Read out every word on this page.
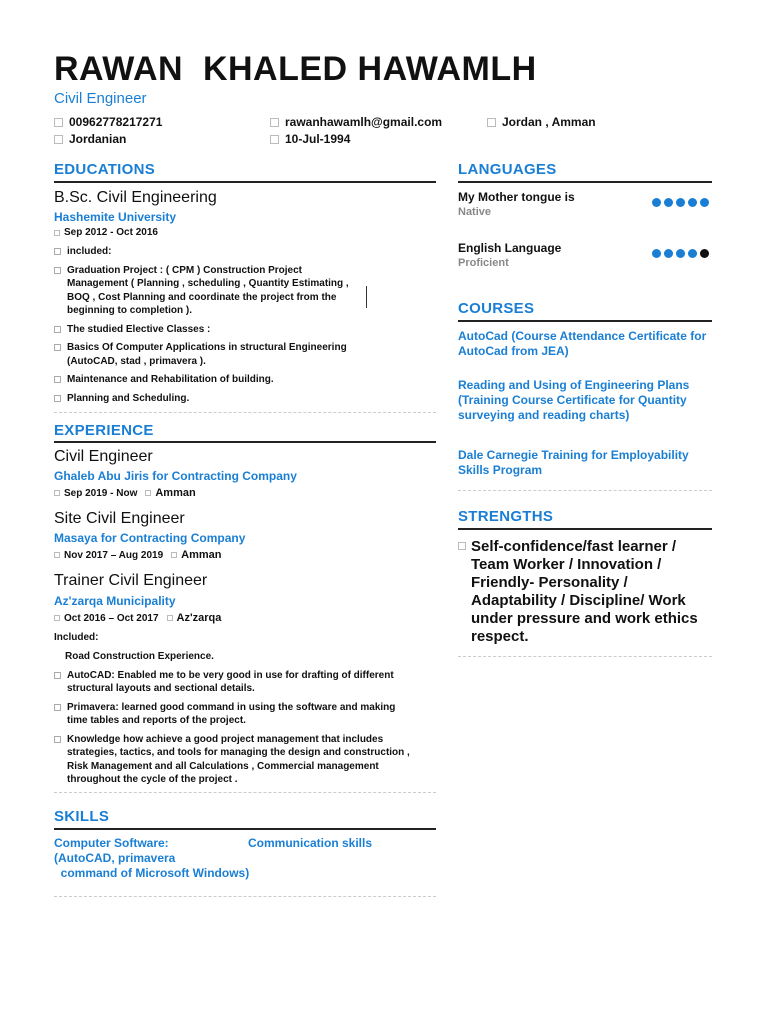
RAWAN  KHALED HAWAMLH
Civil Engineer
00962778217271	rawanhawamlh@gmail.com	Jordan , Amman
Jordanian	10-Jul-1994
EDUCATIONS
B.Sc. Civil Engineering
Hashemite University
Sep 2012 - Oct 2016
included:
Graduation Project : ( CPM ) Construction Project Management ( Planning , scheduling , Quantity Estimating , BOQ , Cost Planning and coordinate the project from the beginning to completion ).
The studied Elective Classes :
Basics Of Computer Applications in structural Engineering (AutoCAD, stad , primavera ).
Maintenance and Rehabilitation of building.
Planning and Scheduling.
EXPERIENCE
Civil Engineer
Ghaleb Abu Jiris for Contracting Company
Sep 2019 - Now Amman
Site Civil Engineer
Masaya for Contracting Company
Nov 2017 – Aug 2019 Amman
Trainer Civil Engineer
Az'zarqa Municipality
Oct 2016 – Oct 2017 Az'zarqa
Included:
Road Construction Experience.
AutoCAD: Enabled me to be very good in use for drafting of different structural layouts and sectional details.
Primavera: learned good command in using the software and making time tables and reports of the project.
Knowledge how achieve a good project management that includes strategies, tactics, and tools for managing the design and construction , Risk Management and all Calculations , Commercial management throughout the cycle of the project .
SKILLS
Computer Software:
(AutoCAD, primavera
command of Microsoft Windows)
Communication skills
LANGUAGES
My Mother tongue is
Native
English Language
Proficient
COURSES
AutoCad (Course Attendance Certificate for AutoCad from JEA)
Reading and Using of Engineering Plans (Training Course Certificate for Quantity surveying and reading charts)
Dale Carnegie Training for Employability Skills Program
STRENGTHS
Self-confidence/fast learner / Team Worker / Innovation / Friendly- Personality / Adaptability / Discipline/ Work under pressure and work ethics respect.
